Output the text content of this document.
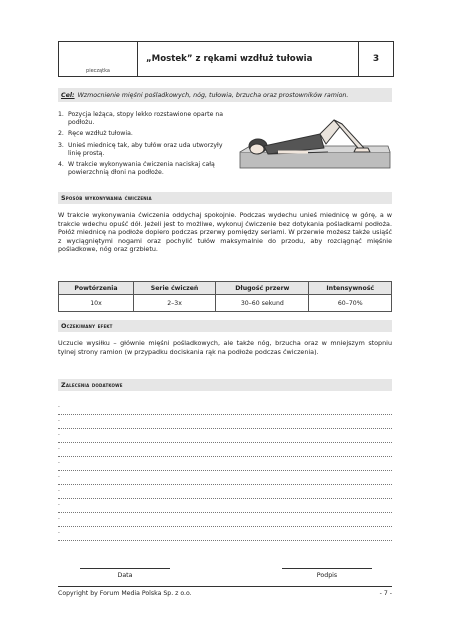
pieczątka
„Mostek” z rękami wzdłuż tułowia	3
Cel: Wzmocnienie mięśni pośladkowych, nóg, tułowia, brzucha oraz prostowników ramion.
1. Pozycja leżąca, stopy lekko rozstawione oparte na podłożu.
2. Ręce wzdłuż tułowia.
3. Unieś miednicę tak, aby tułów oraz uda utworzyły linię prostą.
4. W trakcie wykonywania ćwiczenia naciskaj całą powierzchnią dłoni na podłoże.
Sposób wykonywania ćwiczenia

W trakcie wykonywania ćwiczenia oddychaj spokojnie. Podczas wydechu unieś miednicę w górę, a w trakcie wdechu opuść dół. Jeżeli jest to możliwe, wykonuj ćwiczenie bez dotykania pośladkami podłoża. Połóż miednicę na podłoże dopiero podczas przerwy pomiędzy seriami. W przerwie możesz także usiąść z wyciągniętymi nogami oraz pochylić tułów maksymalnie do przodu, aby rozciągnąć mięśnie pośladkowe, nóg oraz grzbietu.

Powtórzenia	Serie ćwiczeń	Długość przerw	Intensywność
10x	2–3x	30–60 sekund	60–70%
Oczekiwany efekt

Uczucie wysiłku – głównie mięśni pośladkowych, ale także nóg, brzucha oraz w mniejszym stopniu tylnej strony ramion (w przypadku dociskania rąk na podłoże podczas ćwiczenia).

Zalecenia dodatkowe
.
.
.
.
.
.
.
.
.
.
Data	Podpis
Copyright by Forum Media Polska Sp. z o.o.	- 7 -
